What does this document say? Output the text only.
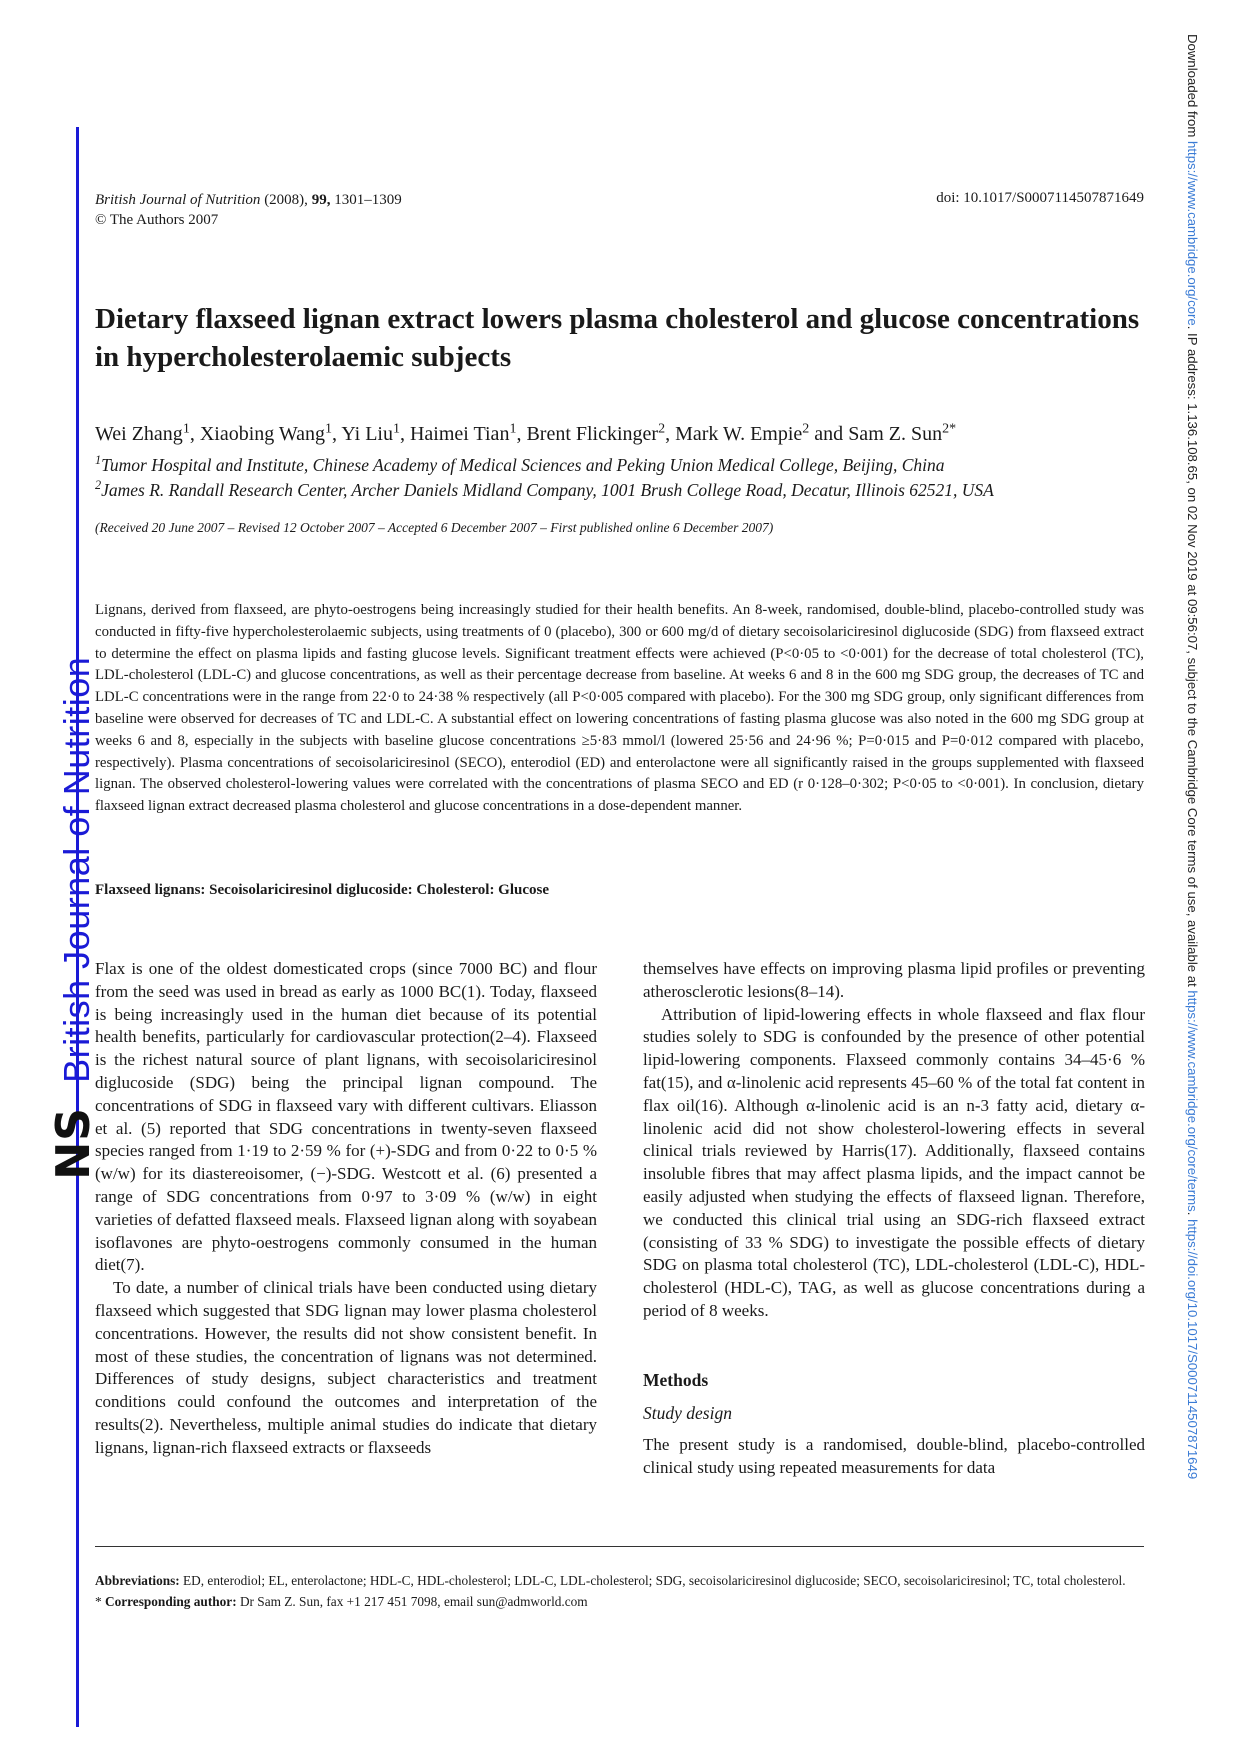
NS British Journal of Nutrition
Downloaded from https://www.cambridge.org/core. IP address: 1.136.108.65, on 02 Nov 2019 at 09:56:07, subject to the Cambridge Core terms of use, available at https://www.cambridge.org/core/terms. https://doi.org/10.1017/S0007114507871649
British Journal of Nutrition (2008), 99, 1301–1309
© The Authors 2007
doi: 10.1017/S0007114507871649
Dietary flaxseed lignan extract lowers plasma cholesterol and glucose concentrations in hypercholesterolaemic subjects
Wei Zhang$^1$, Xiaobing Wang$^1$, Yi Liu$^1$, Haimei Tian$^1$, Brent Flickinger$^2$, Mark W. Empie$^2$ and Sam Z. Sun$^{2*}$
$^1$Tumor Hospital and Institute, Chinese Academy of Medical Sciences and Peking Union Medical College, Beijing, China
$^2$James R. Randall Research Center, Archer Daniels Midland Company, 1001 Brush College Road, Decatur, Illinois 62521, USA
(Received 20 June 2007 – Revised 12 October 2007 – Accepted 6 December 2007 – First published online 6 December 2007)

Lignans, derived from flaxseed, are phyto-oestrogens being increasingly studied for their health benefits. An 8-week, randomised, double-blind, placebo-controlled study was conducted in fifty-five hypercholesterolaemic subjects, using treatments of 0 (placebo), 300 or 600 mg/d of dietary secoisolariciresinol diglucoside (SDG) from flaxseed extract to determine the effect on plasma lipids and fasting glucose levels. Significant treatment effects were achieved (P<0·05 to <0·001) for the decrease of total cholesterol (TC), LDL-cholesterol (LDL-C) and glucose concentrations, as well as their percentage decrease from baseline. At weeks 6 and 8 in the 600 mg SDG group, the decreases of TC and LDL-C concentrations were in the range from 22·0 to 24·38 % respectively (all P<0·005 compared with placebo). For the 300 mg SDG group, only significant differences from baseline were observed for decreases of TC and LDL-C. A substantial effect on lowering concentrations of fasting plasma glucose was also noted in the 600 mg SDG group at weeks 6 and 8, especially in the subjects with baseline glucose concentrations ≥5·83 mmol/l (lowered 25·56 and 24·96 %; P=0·015 and P=0·012 compared with placebo, respectively). Plasma concentrations of secoisolariciresinol (SECO), enterodiol (ED) and enterolactone were all significantly raised in the groups supplemented with flaxseed lignan. The observed cholesterol-lowering values were correlated with the concentrations of plasma SECO and ED (r 0·128–0·302; P<0·05 to <0·001). In conclusion, dietary flaxseed lignan extract decreased plasma cholesterol and glucose concentrations in a dose-dependent manner.

Flaxseed lignans: Secoisolariciresinol diglucoside: Cholesterol: Glucose

Flax is one of the oldest domesticated crops (since 7000 BC) and flour from the seed was used in bread as early as 1000 BC(1). Today, flaxseed is being increasingly used in the human diet because of its potential health benefits, particularly for cardiovascular protection(2–4). Flaxseed is the richest natural source of plant lignans, with secoisolariciresinol diglucoside (SDG) being the principal lignan compound. The concentrations of SDG in flaxseed vary with different cultivars. Eliasson et al. (5) reported that SDG concentrations in twenty-seven flaxseed species ranged from 1·19 to 2·59 % for (+)-SDG and from 0·22 to 0·5 % (w/w) for its diastereoisomer, (−)-SDG. Westcott et al. (6) presented a range of SDG concentrations from 0·97 to 3·09 % (w/w) in eight varieties of defatted flaxseed meals. Flaxseed lignan along with soyabean isoflavones are phyto-oestrogens commonly consumed in the human diet(7).

To date, a number of clinical trials have been conducted using dietary flaxseed which suggested that SDG lignan may lower plasma cholesterol concentrations. However, the results did not show consistent benefit. In most of these studies, the concentration of lignans was not determined. Differences of study designs, subject characteristics and treatment conditions could confound the outcomes and interpretation of the results(2). Nevertheless, multiple animal studies do indicate that dietary lignans, lignan-rich flaxseed extracts or flaxseeds

themselves have effects on improving plasma lipid profiles or preventing atherosclerotic lesions(8–14).

Attribution of lipid-lowering effects in whole flaxseed and flax flour studies solely to SDG is confounded by the presence of other potential lipid-lowering components. Flaxseed commonly contains 34–45·6 % fat(15), and α-linolenic acid represents 45–60 % of the total fat content in flax oil(16). Although α-linolenic acid is an n-3 fatty acid, dietary α-linolenic acid did not show cholesterol-lowering effects in several clinical trials reviewed by Harris(17). Additionally, flaxseed contains insoluble fibres that may affect plasma lipids, and the impact cannot be easily adjusted when studying the effects of flaxseed lignan. Therefore, we conducted this clinical trial using an SDG-rich flaxseed extract (consisting of 33 % SDG) to investigate the possible effects of dietary SDG on plasma total cholesterol (TC), LDL-cholesterol (LDL-C), HDL-cholesterol (HDL-C), TAG, as well as glucose concentrations during a period of 8 weeks.

Methods

Study design

The present study is a randomised, double-blind, placebo-controlled clinical study using repeated measurements for data

Abbreviations: ED, enterodiol; EL, enterolactone; HDL-C, HDL-cholesterol; LDL-C, LDL-cholesterol; SDG, secoisolariciresinol diglucoside; SECO, secoisolariciresinol; TC, total cholesterol.

* Corresponding author: Dr Sam Z. Sun, fax +1 217 451 7098, email sun@admworld.com
